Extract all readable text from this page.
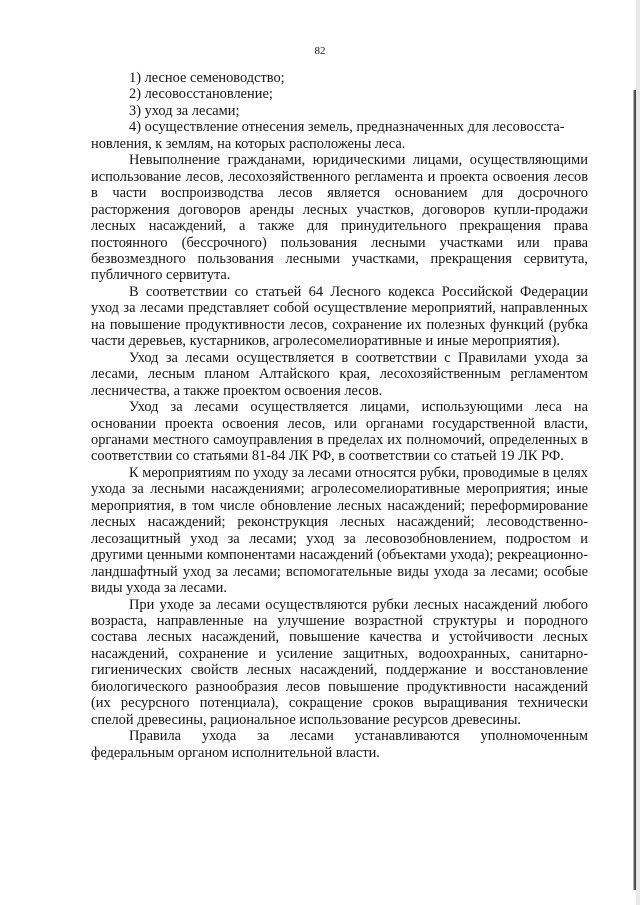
82

1) лесное семеноводство;

2) лесовосстановление;

3) уход за лесами;

4) осуществление отнесения земель, предназначенных для лесовосста-

новления, к землям, на которых расположены леса.

Невыполнение гражданами, юридическими лицами, осуществляющими использование лесов, лесохозяйственного регламента и проекта освоения лесов в части воспроизводства лесов является основанием для досрочного расторжения договоров аренды лесных участков, договоров купли-продажи лесных насаждений, а также для принудительного прекращения права постоянного (бессрочного) пользования лесными участками или права безвозмездного пользования лесными участками, прекращения сервитута, публичного сервитута.

В соответствии со статьей 64 Лесного кодекса Российской Федерации уход за лесами представляет собой осуществление мероприятий, направленных на повышение продуктивности лесов, сохранение их полезных функций (рубка части деревьев, кустарников, агролесомелиоративные и иные мероприятия).

Уход за лесами осуществляется в соответствии с Правилами ухода за лесами, лесным планом Алтайского края, лесохозяйственным регламентом лесничества, а также проектом освоения лесов.

Уход за лесами осуществляется лицами, использующими леса на основании проекта освоения лесов, или органами государственной власти, органами местного самоуправления в пределах их полномочий, определенных в соответствии со статьями 81-84 ЛК РФ, в соответствии со статьей 19 ЛК РФ.

К мероприятиям по уходу за лесами относятся рубки, проводимые в целях ухода за лесными насаждениями; агролесомелиоративные мероприятия; иные мероприятия, в том числе обновление лесных насаждений; переформирование лесных насаждений; реконструкция лесных насаждений; лесоводственно-лесозащитный уход за лесами; уход за лесовозобновлением, подростом и другими ценными компонентами насаждений (объектами ухода); рекреационно-ландшафтный уход за лесами; вспомогательные виды ухода за лесами; особые виды ухода за лесами.

При уходе за лесами осуществляются рубки лесных насаждений любого возраста, направленные на улучшение возрастной структуры и породного состава лесных насаждений, повышение качества и устойчивости лесных насаждений, сохранение и усиление защитных, водоохранных, санитарно-гигиенических свойств лесных насаждений, поддержание и восстановление биологического разнообразия лесов повышение продуктивности насаждений (их ресурсного потенциала), сокращение сроков выращивания технически спелой древесины, рациональное использование ресурсов древесины.

Правила ухода за лесами устанавливаются уполномоченным федеральным органом исполнительной власти.
